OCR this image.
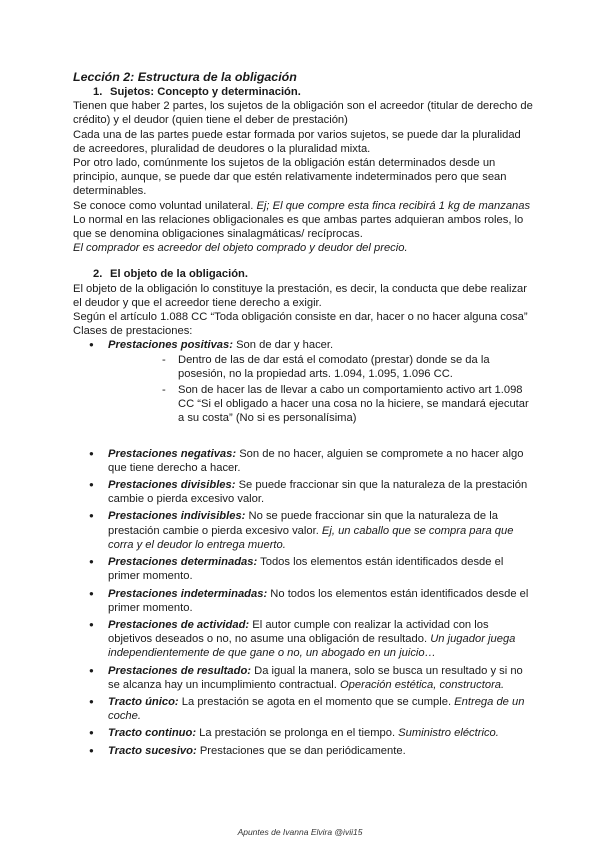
Lección 2: Estructura de la obligación

1. Sujetos: Concepto y determinación.

Tienen que haber 2 partes, los sujetos de la obligación son el acreedor (titular de derecho de crédito) y el deudor (quien tiene el deber de prestación)

Cada una de las partes puede estar formada por varios sujetos, se puede dar la pluralidad de acreedores, pluralidad de deudores o la pluralidad mixta.

Por otro lado, comúnmente los sujetos de la obligación están determinados desde un principio, aunque, se puede dar que estén relativamente indeterminados pero que sean determinables.

Se conoce como voluntad unilateral. Ej; El que compre esta finca recibirá 1 kg de manzanas

Lo normal en las relaciones obligacionales es que ambas partes adquieran ambos roles, lo que se denomina obligaciones sinalagmáticas/ recíprocas.

El comprador es acreedor del objeto comprado y deudor del precio.

2. El objeto de la obligación.

El objeto de la obligación lo constituye la prestación, es decir, la conducta que debe realizar el deudor y que el acreedor tiene derecho a exigir.

Según el artículo 1.088 CC “Toda obligación consiste en dar, hacer o no hacer alguna cosa”

Clases de prestaciones:

● Prestaciones positivas: Son de dar y hacer.
- Dentro de las de dar está el comodato (prestar) donde se da la posesión, no la propiedad arts. 1.094, 1.095, 1.096 CC.
- Son de hacer las de llevar a cabo un comportamiento activo art 1.098 CC “Si el obligado a hacer una cosa no la hiciere, se mandará ejecutar a su costa” (No si es personalísima)
● Prestaciones negativas: Son de no hacer, alguien se compromete a no hacer algo que tiene derecho a hacer.
● Prestaciones divisibles: Se puede fraccionar sin que la naturaleza de la prestación cambie o pierda excesivo valor.
● Prestaciones indivisibles: No se puede fraccionar sin que la naturaleza de la prestación cambie o pierda excesivo valor. Ej, un caballo que se compra para que corra y el deudor lo entrega muerto.
● Prestaciones determinadas: Todos los elementos están identificados desde el primer momento.
● Prestaciones indeterminadas: No todos los elementos están identificados desde el primer momento.
● Prestaciones de actividad: El autor cumple con realizar la actividad con los objetivos deseados o no, no asume una obligación de resultado. Un jugador juega independientemente de que gane o no, un abogado en un juicio…
● Prestaciones de resultado: Da igual la manera, solo se busca un resultado y si no se alcanza hay un incumplimiento contractual. Operación estética, constructora.
● Tracto único: La prestación se agota en el momento que se cumple. Entrega de un coche.
● Tracto continuo: La prestación se prolonga en el tiempo. Suministro eléctrico.
● Tracto sucesivo: Prestaciones que se dan periódicamente.
Apuntes de Ivanna Elvira @ivii15
